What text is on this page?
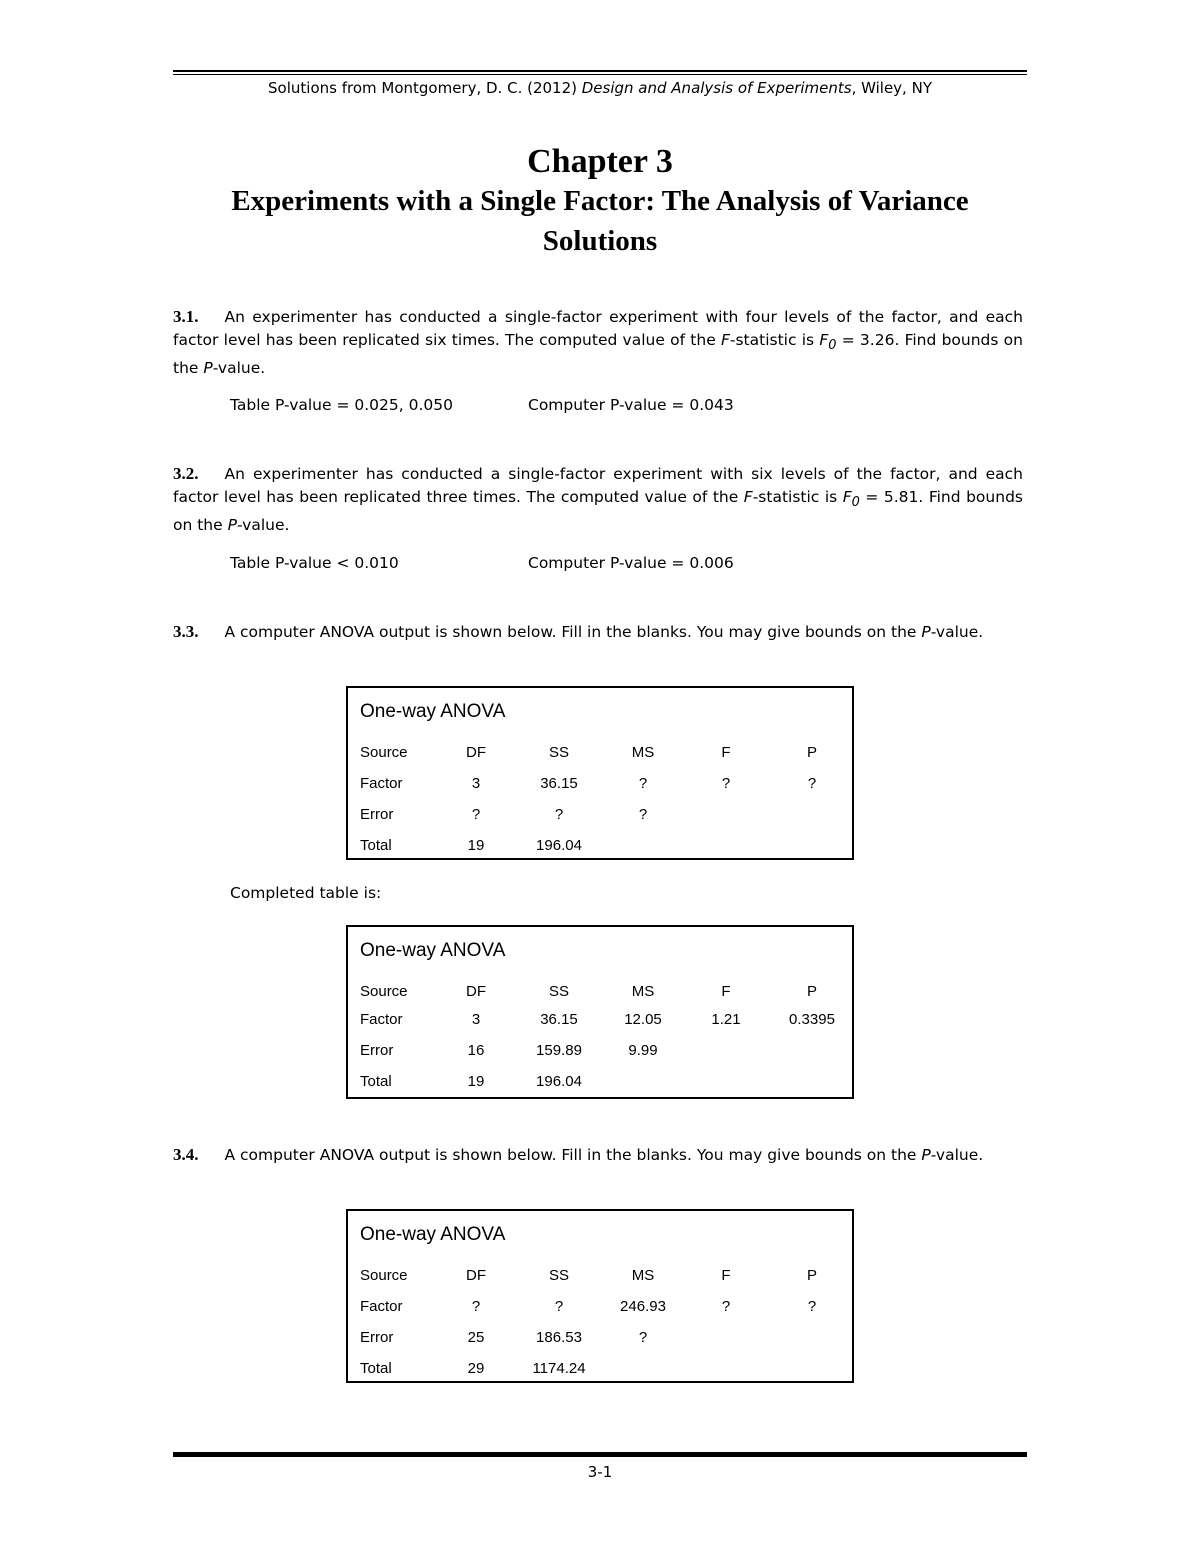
Solutions from Montgomery, D. C. (2012) Design and Analysis of Experiments, Wiley, NY
Chapter 3
Experiments with a Single Factor: The Analysis of Variance
Solutions
3.1. An experimenter has conducted a single-factor experiment with four levels of the factor, and each factor level has been replicated six times. The computed value of the F-statistic is $F_0 = 3.26$. Find bounds on the P-value.
Table P-value = 0.025, 0.050	Computer P-value = 0.043
3.2. An experimenter has conducted a single-factor experiment with six levels of the factor, and each factor level has been replicated three times. The computed value of the F-statistic is $F_0 = 5.81$. Find bounds on the P-value.
Table P-value < 0.010	Computer P-value = 0.006
3.3. A computer ANOVA output is shown below. Fill in the blanks. You may give bounds on the P-value.
One-way ANOVA
Source	DF	SS	MS	F	P
Factor	3	36.15	?	?	?
Error	?	?	?
Total	19	196.04
Completed table is:
One-way ANOVA
Source	DF	SS	MS	F	P
Factor	3	36.15	12.05	1.21	0.3395
Error	16	159.89	9.99
Total	19	196.04
3.4. A computer ANOVA output is shown below. Fill in the blanks. You may give bounds on the P-value.
One-way ANOVA
Source	DF	SS	MS	F	P
Factor	?	?	246.93	?	?
Error	25	186.53	?
Total	29	1174.24
3-1
